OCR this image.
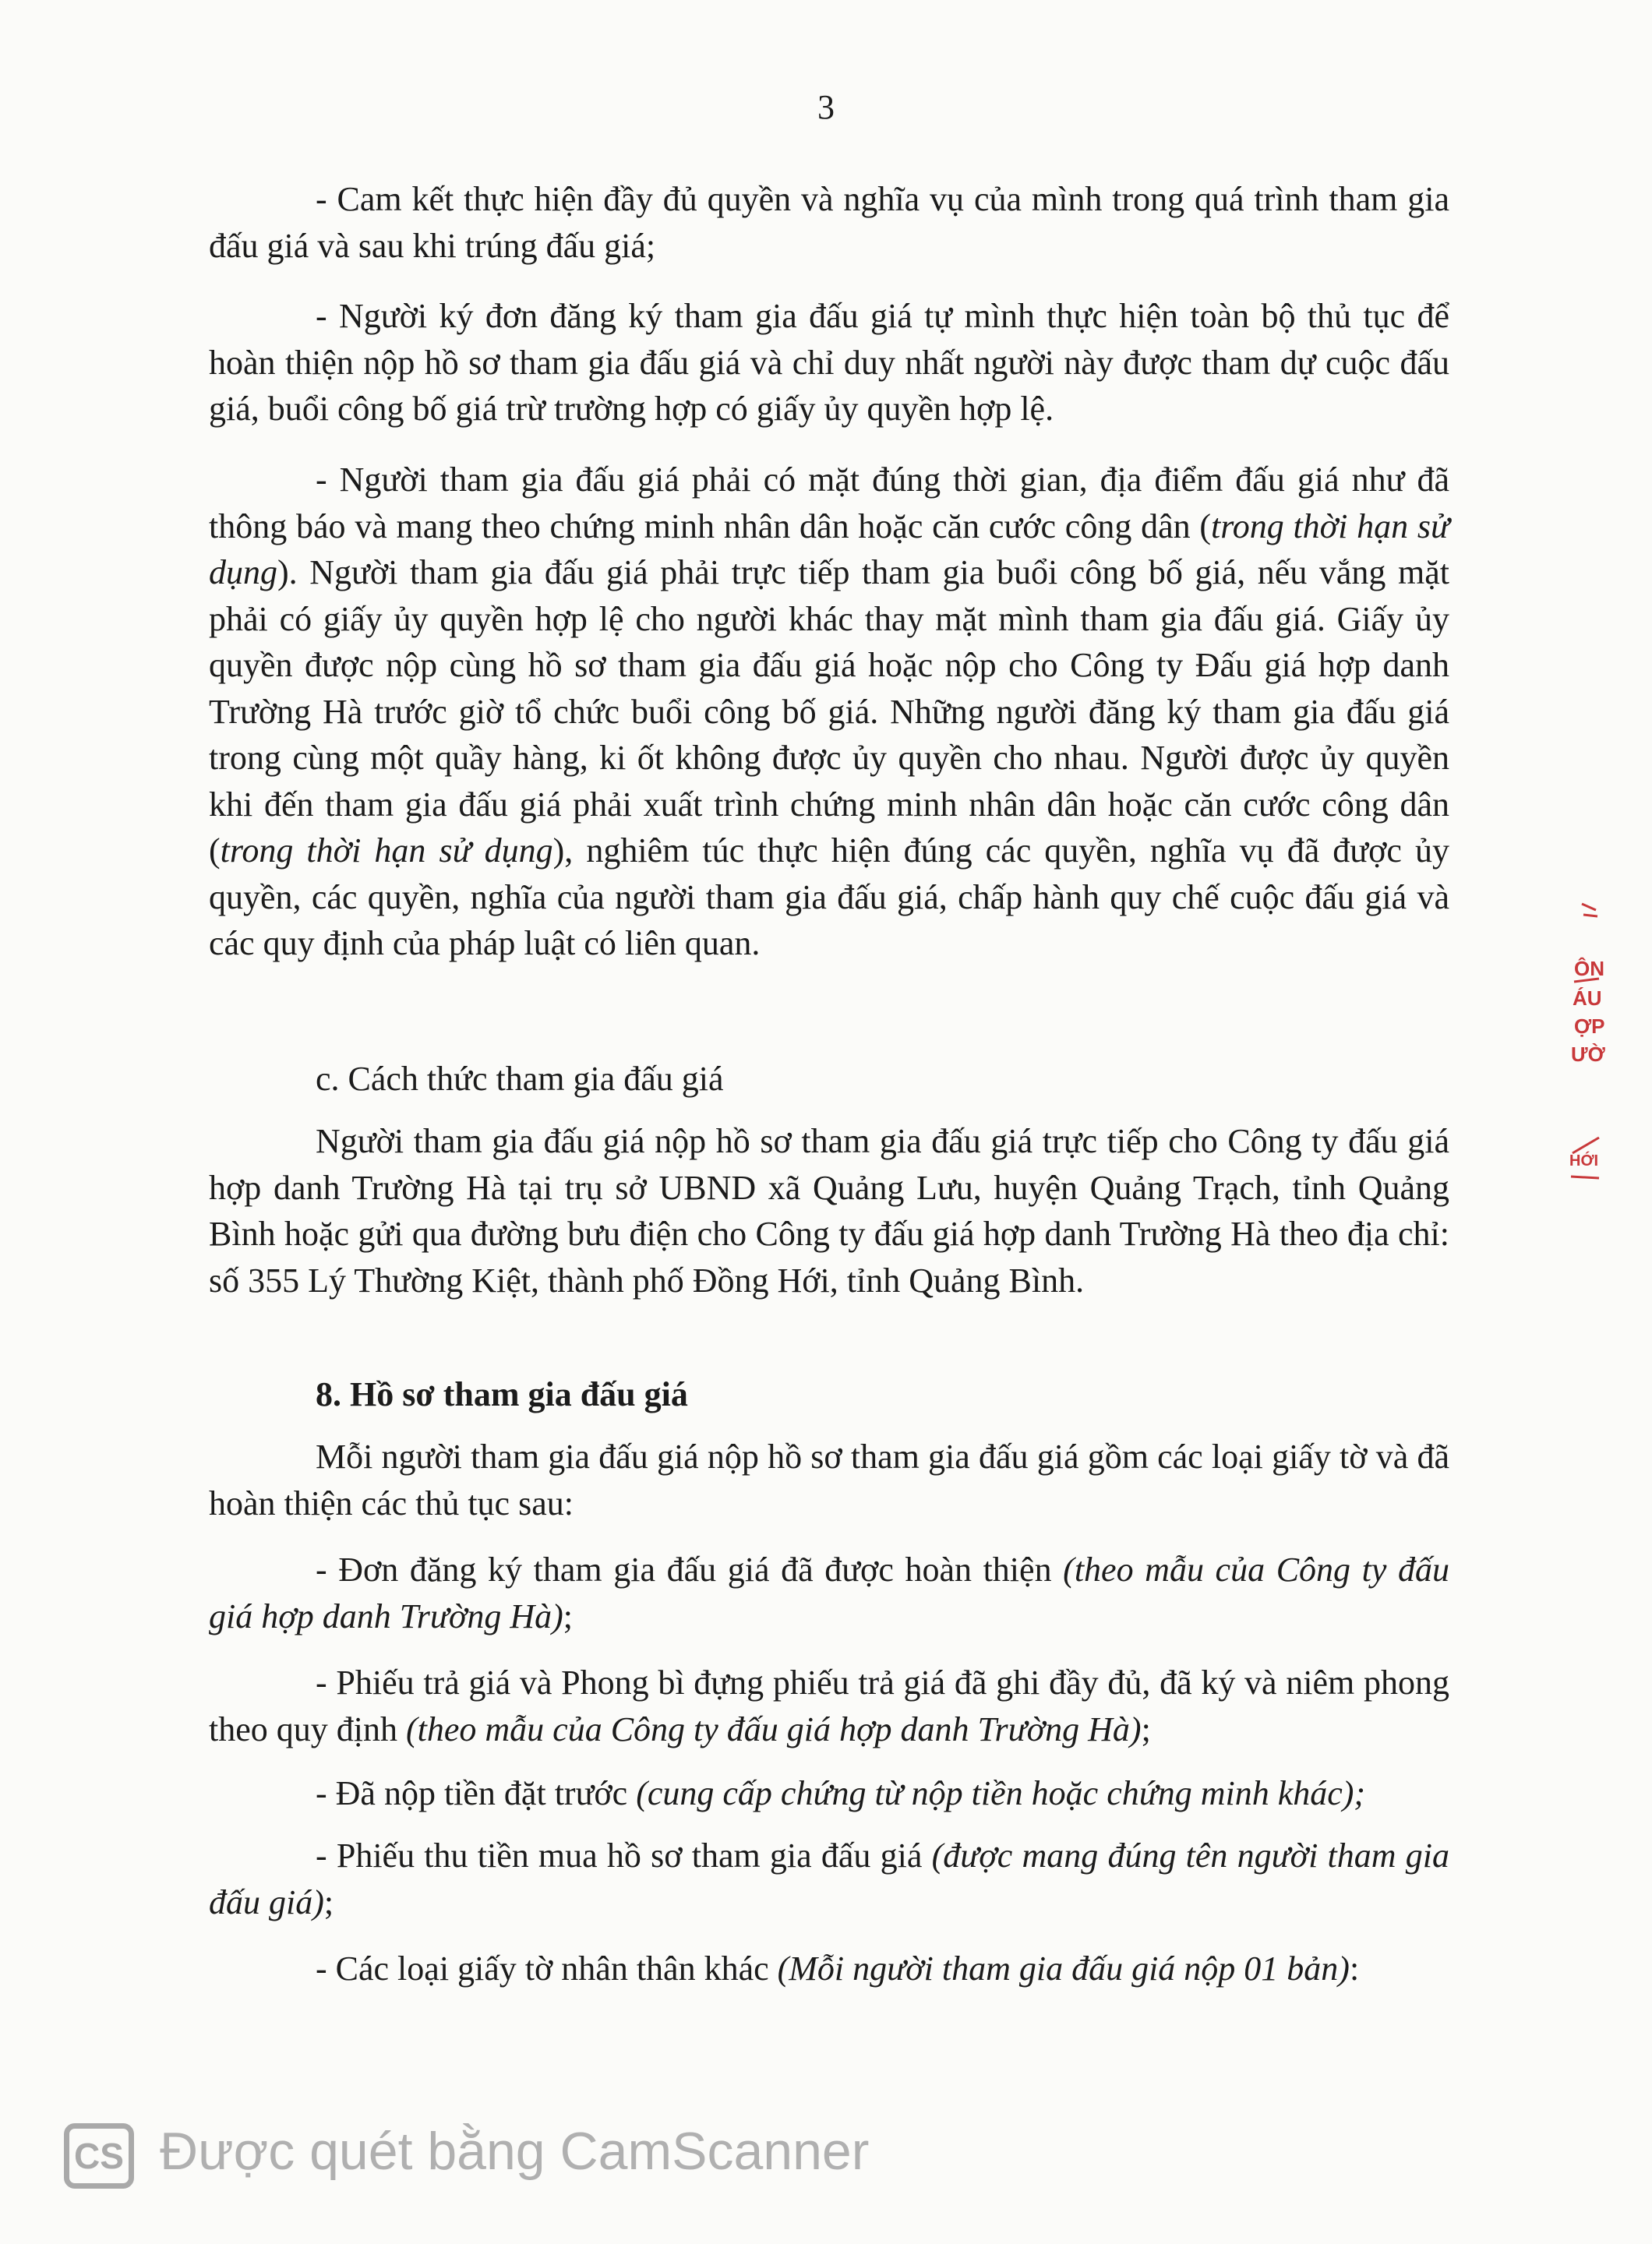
3
- Cam kết thực hiện đầy đủ quyền và nghĩa vụ của mình trong quá trình tham gia đấu giá và sau khi trúng đấu giá;
- Người ký đơn đăng ký tham gia đấu giá tự mình thực hiện toàn bộ thủ tục để hoàn thiện nộp hồ sơ tham gia đấu giá và chỉ duy nhất người này được tham dự cuộc đấu giá, buổi công bố giá trừ trường hợp có giấy ủy quyền hợp lệ.
- Người tham gia đấu giá phải có mặt đúng thời gian, địa điểm đấu giá như đã thông báo và mang theo chứng minh nhân dân hoặc căn cước công dân (trong thời hạn sử dụng). Người tham gia đấu giá phải trực tiếp tham gia buổi công bố giá, nếu vắng mặt phải có giấy ủy quyền hợp lệ cho người khác thay mặt mình tham gia đấu giá. Giấy ủy quyền được nộp cùng hồ sơ tham gia đấu giá hoặc nộp cho Công ty Đấu giá hợp danh Trường Hà trước giờ tổ chức buổi công bố giá. Những người đăng ký tham gia đấu giá trong cùng một quầy hàng, ki ốt không được ủy quyền cho nhau. Người được ủy quyền khi đến tham gia đấu giá phải xuất trình chứng minh nhân dân hoặc căn cước công dân (trong thời hạn sử dụng), nghiêm túc thực hiện đúng các quyền, nghĩa vụ đã được ủy quyền, các quyền, nghĩa của người tham gia đấu giá, chấp hành quy chế cuộc đấu giá và các quy định của pháp luật có liên quan.
c. Cách thức tham gia đấu giá
Người tham gia đấu giá nộp hồ sơ tham gia đấu giá trực tiếp cho Công ty đấu giá hợp danh Trường Hà tại trụ sở UBND xã Quảng Lưu, huyện Quảng Trạch, tỉnh Quảng Bình hoặc gửi qua đường bưu điện cho Công ty đấu giá hợp danh Trường Hà theo địa chỉ: số 355 Lý Thường Kiệt, thành phố Đồng Hới, tỉnh Quảng Bình.
8. Hồ sơ tham gia đấu giá
Mỗi người tham gia đấu giá nộp hồ sơ tham gia đấu giá gồm các loại giấy tờ và đã hoàn thiện các thủ tục sau:
- Đơn đăng ký tham gia đấu giá đã được hoàn thiện (theo mẫu của Công ty đấu giá hợp danh Trường Hà);
- Phiếu trả giá và Phong bì đựng phiếu trả giá đã ghi đầy đủ, đã ký và niêm phong theo quy định (theo mẫu của Công ty đấu giá hợp danh Trường Hà);
- Đã nộp tiền đặt trước (cung cấp chứng từ nộp tiền hoặc chứng minh khác);
- Phiếu thu tiền mua hồ sơ tham gia đấu giá (được mang đúng tên người tham gia đấu giá);
- Các loại giấy tờ nhân thân khác (Mỗi người tham gia đấu giá nộp 01 bản):
ÔN
ÁU
ỢP
ƯỜ
HỚI
CS Được quét bằng CamScanner
